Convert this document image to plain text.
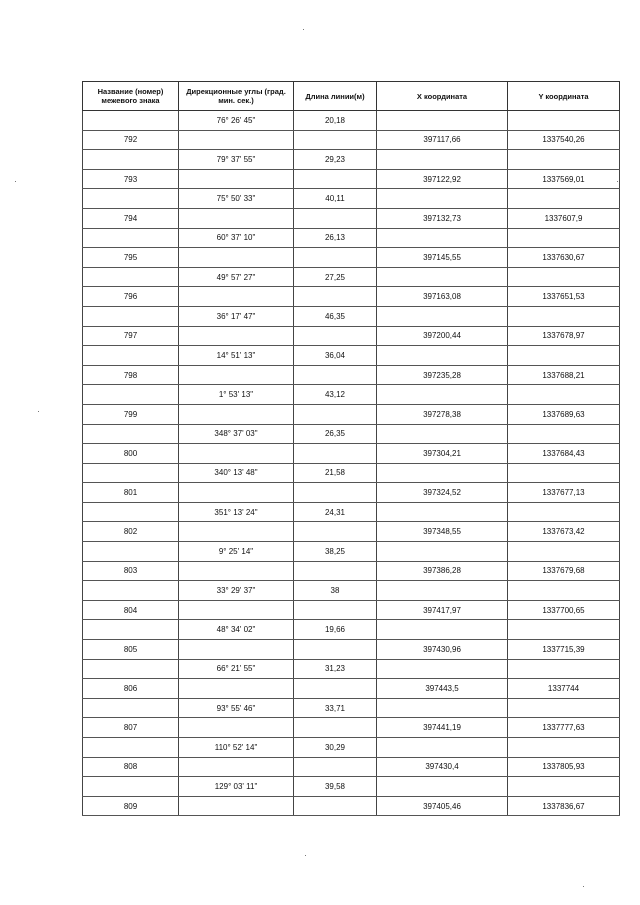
Название (номер) межевого знака	Дирекционные углы (град. мин. сек.)	Длина линии(м)	X координата	Y координата
	76° 26' 45"	20,18		
792			397117,66	1337540,26
	79° 37' 55"	29,23		
793			397122,92	1337569,01
	75° 50' 33"	40,11		
794			397132,73	1337607,9
	60° 37' 10"	26,13		
795			397145,55	1337630,67
	49° 57' 27"	27,25		
796			397163,08	1337651,53
	36° 17' 47"	46,35		
797			397200,44	1337678,97
	14° 51' 13"	36,04		
798			397235,28	1337688,21
	1° 53' 13"	43,12		
799			397278,38	1337689,63
	348° 37' 03"	26,35		
800			397304,21	1337684,43
	340° 13' 48"	21,58		
801			397324,52	1337677,13
	351° 13' 24"	24,31		
802			397348,55	1337673,42
	9° 25' 14"	38,25		
803			397386,28	1337679,68
	33° 29' 37"	38		
804			397417,97	1337700,65
	48° 34' 02"	19,66		
805			397430,96	1337715,39
	66° 21' 55"	31,23		
806			397443,5	1337744
	93° 55' 46"	33,71		
807			397441,19	1337777,63
	110° 52' 14"	30,29		
808			397430,4	1337805,93
	129° 03' 11"	39,58		
809			397405,46	1337836,67
